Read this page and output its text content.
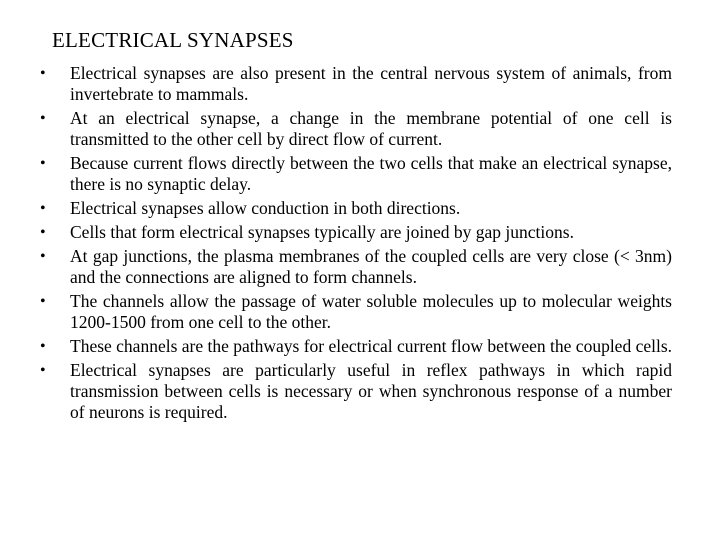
ELECTRICAL SYNAPSES
•	Electrical synapses are also present in the central nervous system of animals, from invertebrate to mammals.
•	At an electrical synapse, a change in the membrane potential of one cell is transmitted to the other cell by direct flow of current.
•	Because current flows directly between the two cells that make an electrical synapse, there is no synaptic delay.
•	Electrical synapses allow conduction in both directions.
•	Cells that form electrical synapses typically are joined by gap junctions.
•	At gap junctions, the plasma membranes of the coupled cells are very close (< 3nm) and the connections are aligned to form channels.
•	The channels allow the passage of water soluble molecules up to molecular weights 1200-1500 from one cell to the other.
•	These channels are the pathways for electrical current flow between the coupled cells.
•	Electrical synapses are particularly useful in reflex pathways in which rapid transmission between cells is necessary or when synchronous response of a number of neurons is required.
